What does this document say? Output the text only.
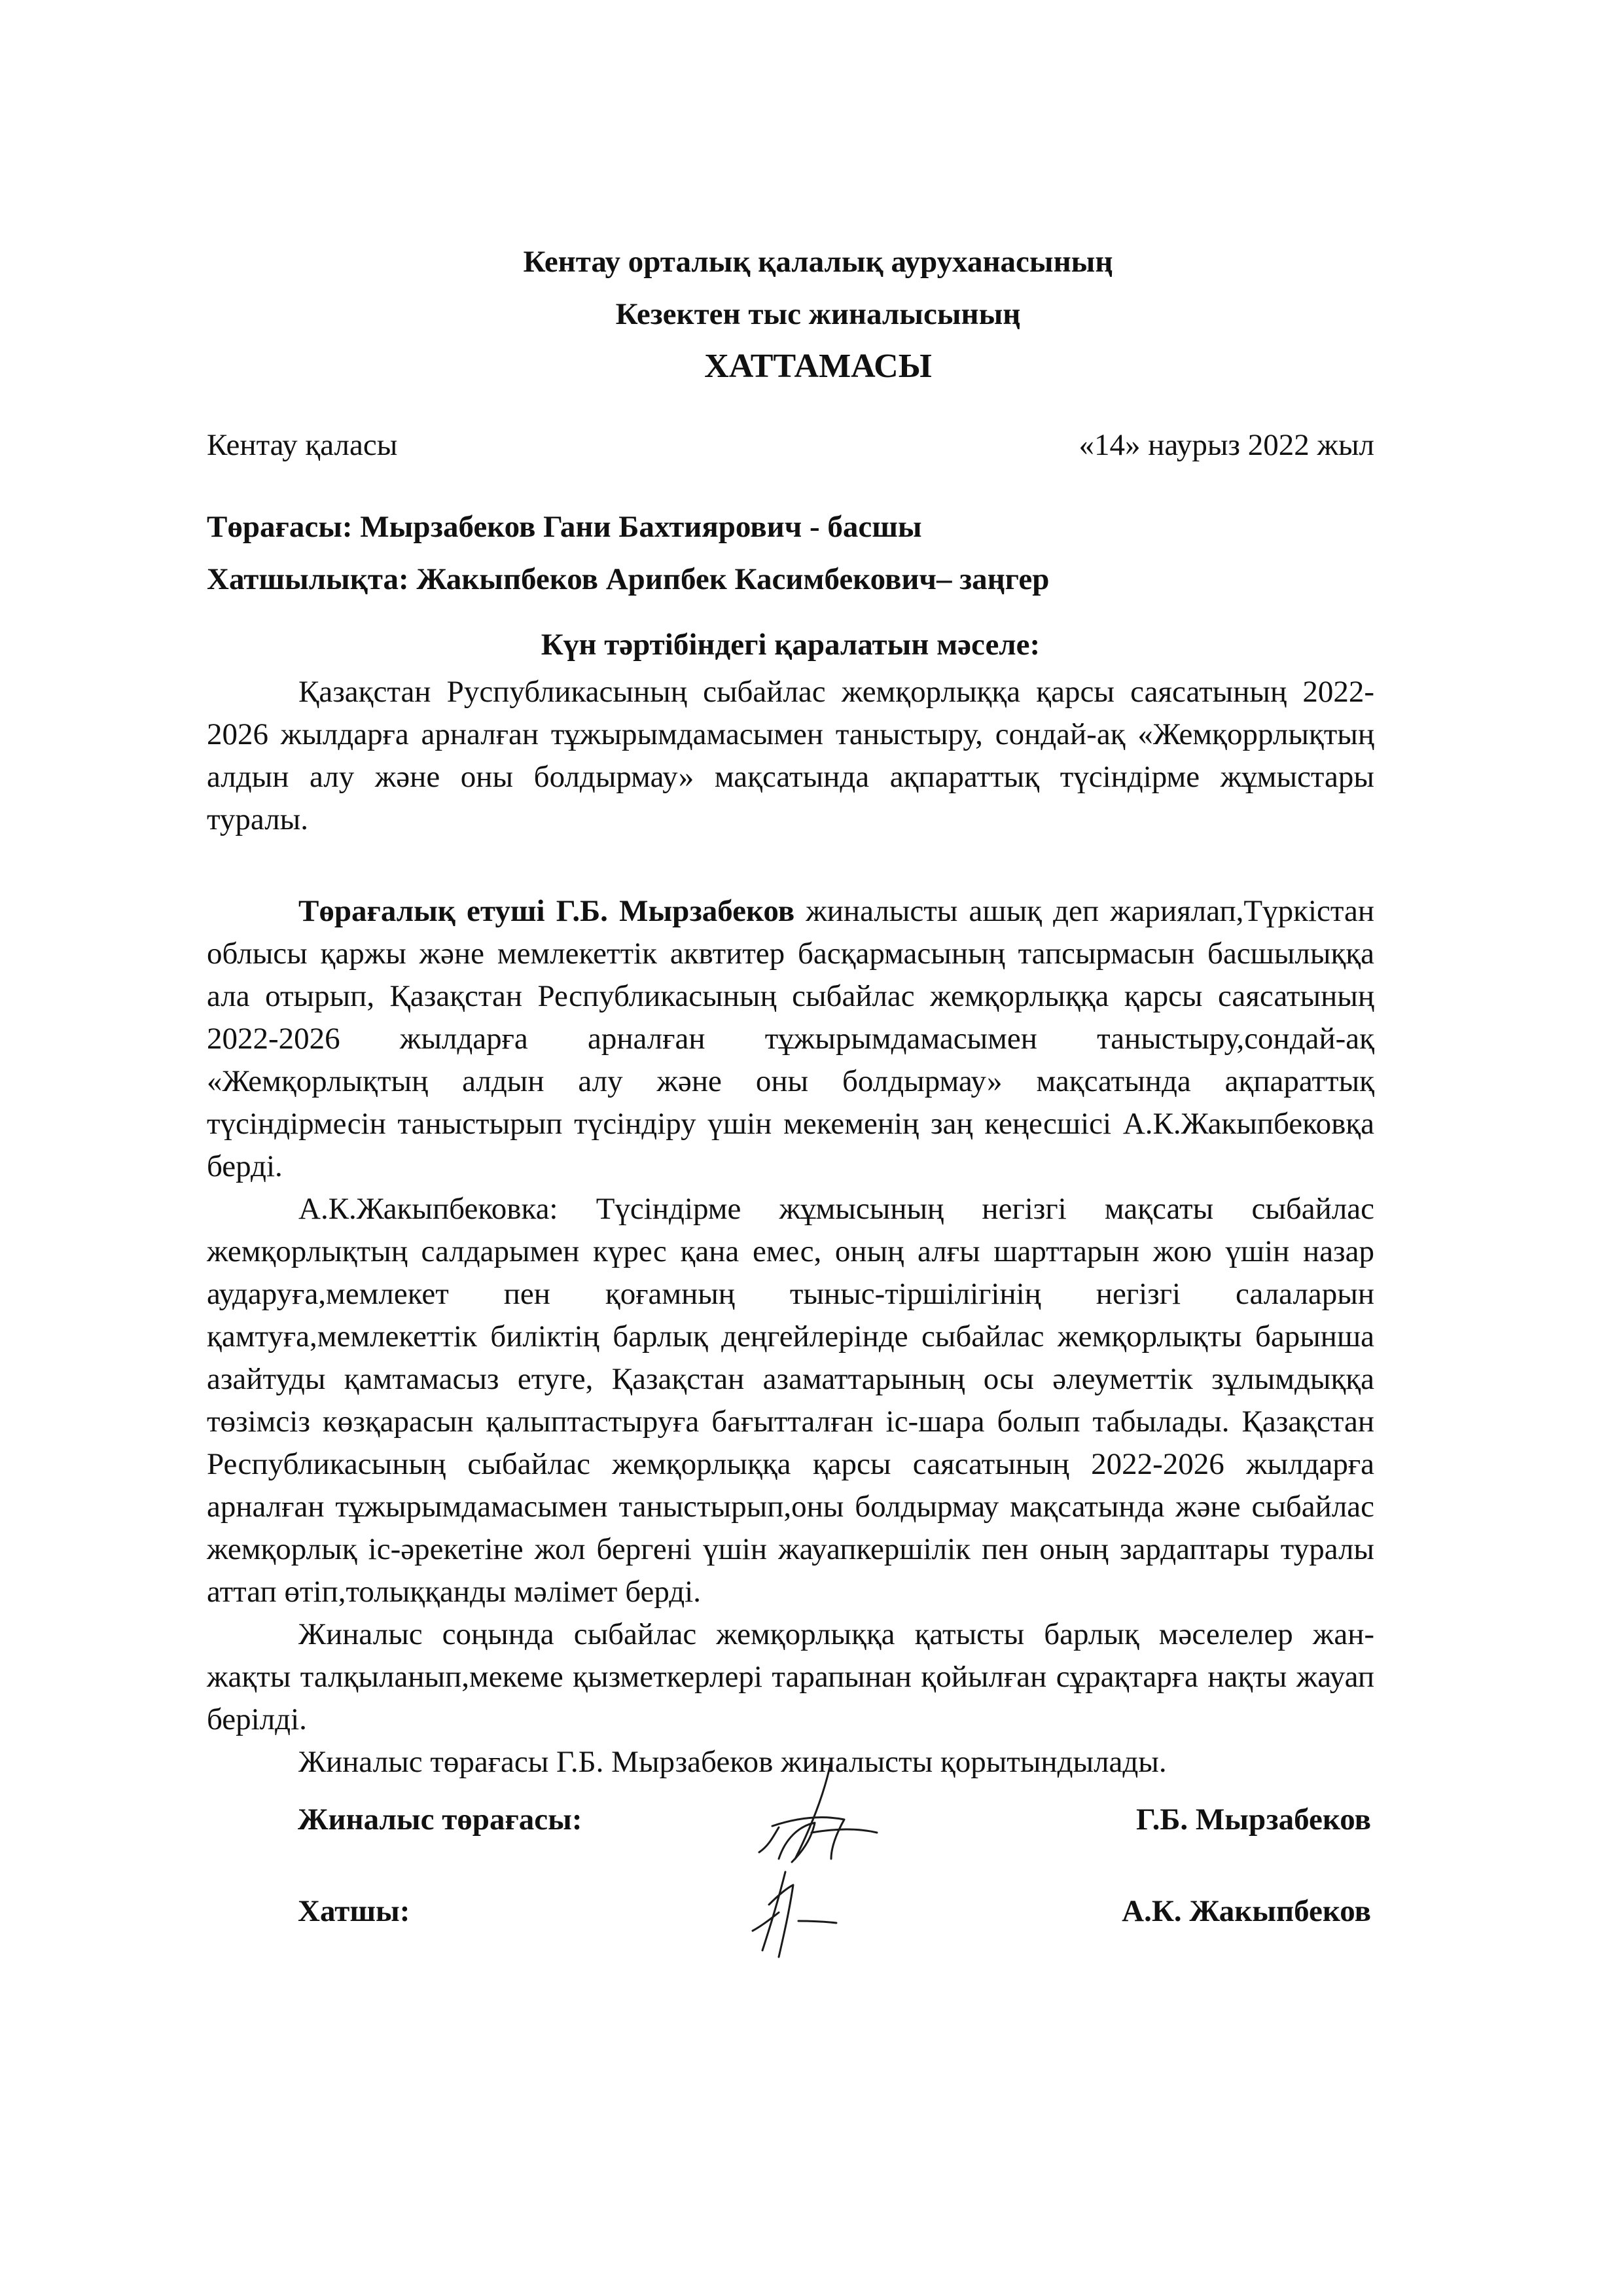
Кентау орталық қалалық ауруханасының
Кезектен тыс жиналысының
ХАТТАМАСЫ
Кентау қаласы	«14» наурыз 2022 жыл
Төрағасы: Мырзабеков Гани Бахтиярович - басшы
Хатшылықта: Жакыпбеков Арипбек Касимбекович– заңгер

Күн тәртібіндегі қаралатын мәселе:

Қазақстан Руспубликасының сыбайлас жемқорлыққа қарсы саясатының 2022-2026 жылдарға арналған тұжырымдамасымен таныстыру, сондай-ақ «Жемқоррлықтың алдын алу және оны болдырмау» мақсатында ақпараттық түсіндірме жұмыстары туралы.

Төрағалық етуші Г.Б. Мырзабеков жиналысты ашық деп жариялап,Түркістан облысы қаржы және мемлекеттік аквтитер басқармасының тапсырмасын басшылыққа ала отырып, Қазақстан Республикасының сыбайлас жемқорлыққа қарсы саясатының 2022-2026 жылдарға арналған тұжырымдамасымен таныстыру,сондай-ақ «Жемқорлықтың алдын алу және оны болдырмау» мақсатында ақпараттық түсіндірмесін таныстырып түсіндіру үшін мекеменің заң кеңесшісі А.К.Жакыпбековқа берді.

А.К.Жакыпбековка: Түсіндірме жұмысының негізгі мақсаты сыбайлас жемқорлықтың салдарымен күрес қана емес, оның алғы шарттарын жою үшін назар аударуға,мемлекет пен қоғамның тыныс-тіршілігінің негізгі салаларын қамтуға,мемлекеттік биліктің барлық деңгейлерінде сыбайлас жемқорлықты барынша азайтуды қамтамасыз етуге, Қазақстан азаматтарының осы әлеуметтік зұлымдыққа төзімсіз көзқарасын қалыптастыруға бағытталған іс-шара болып табылады. Қазақстан Республикасының сыбайлас жемқорлыққа қарсы саясатының 2022-2026 жылдарға арналған тұжырымдамасымен таныстырып,оны болдырмау мақсатында және сыбайлас жемқорлық іс-әрекетіне жол бергені үшін жауапкершілік пен оның зардаптары туралы аттап өтіп,толыққанды мәлімет берді.

Жиналыс соңында сыбайлас жемқорлыққа қатысты барлық мәселелер жан-жақты талқыланып,мекеме қызметкерлері тарапынан қойылған сұрақтарға нақты жауап берілді.

Жиналыс төрағасы Г.Б. Мырзабеков жиналысты қорытындылады.

Жиналыс төрағасы:	Г.Б. Мырзабеков
Хатшы:	А.К. Жакыпбеков
